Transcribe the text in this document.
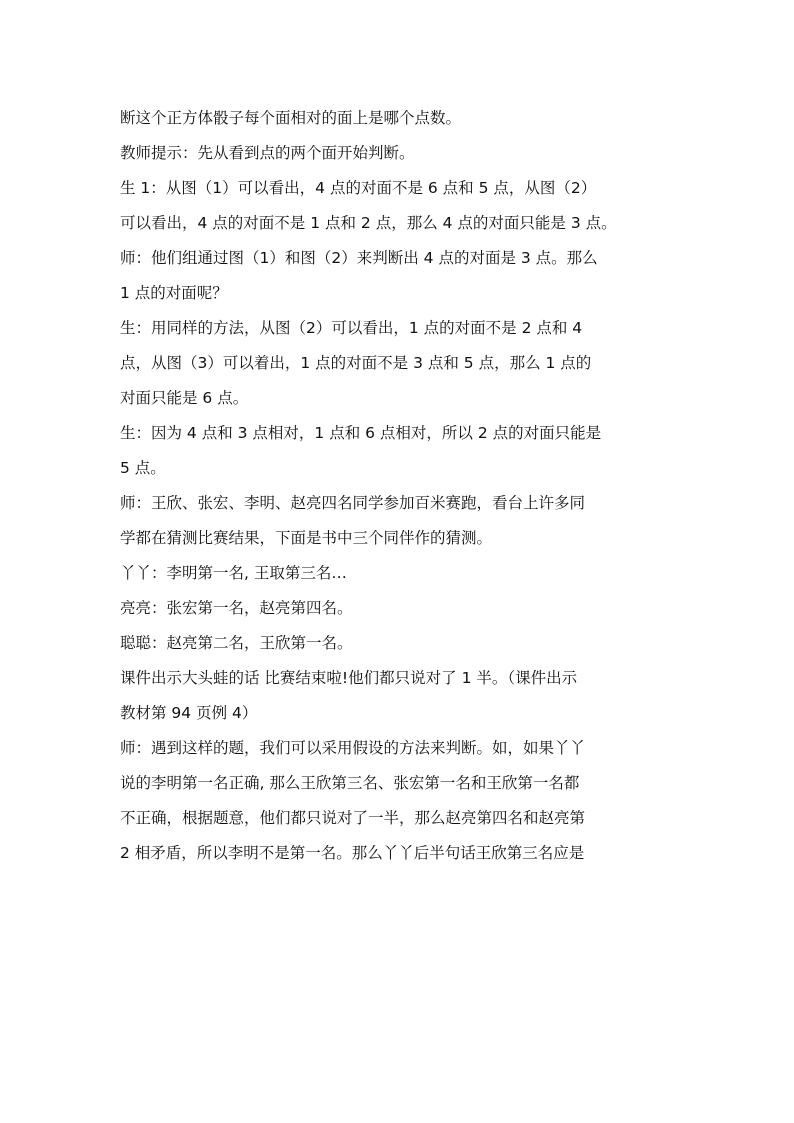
断这个正方体骰子每个面相对的面上是哪个点数。
教师提示：先从看到点的两个面开始判断。
生 1：从图（1）可以看出，4 点的对面不是 6 点和 5 点，从图（2）
可以看出，4 点的对面不是 1 点和 2 点，那么 4 点的对面只能是 3 点。
师：他们组通过图（1）和图（2）来判断出 4 点的对面是 3 点。那么
1 点的对面呢？
生：用同样的方法，从图（2）可以看出，1 点的对面不是 2 点和 4
点，从图（3）可以着出，1 点的对面不是 3 点和 5 点，那么 1 点的
对面只能是 6 点。
生：因为 4 点和 3 点相对，1 点和 6 点相对，所以 2 点的对面只能是
5 点。
师：王欣、张宏、李明、赵亮四名同学参加百米赛跑，看台上许多同
学都在猜测比赛结果，下面是书中三个同伴作的猜测。
丫丫：李明第一名, 王取第三名…
亮亮：张宏第一名，赵亮第四名。
聪聪：赵亮第二名，王欣第一名。
课件出示大头蛙的话 比赛结束啦!他们都只说对了 1 半。（课件出示
教材第 94 页例 4）
师：遇到这样的题，我们可以采用假设的方法来判断。如，如果丫丫
说的李明第一名正确, 那么王欣第三名、张宏第一名和王欣第一名都
不正确，根据题意，他们都只说对了一半，那么赵亮第四名和赵亮第
2 相矛盾，所以李明不是第一名。那么丫丫后半句话王欣第三名应是
